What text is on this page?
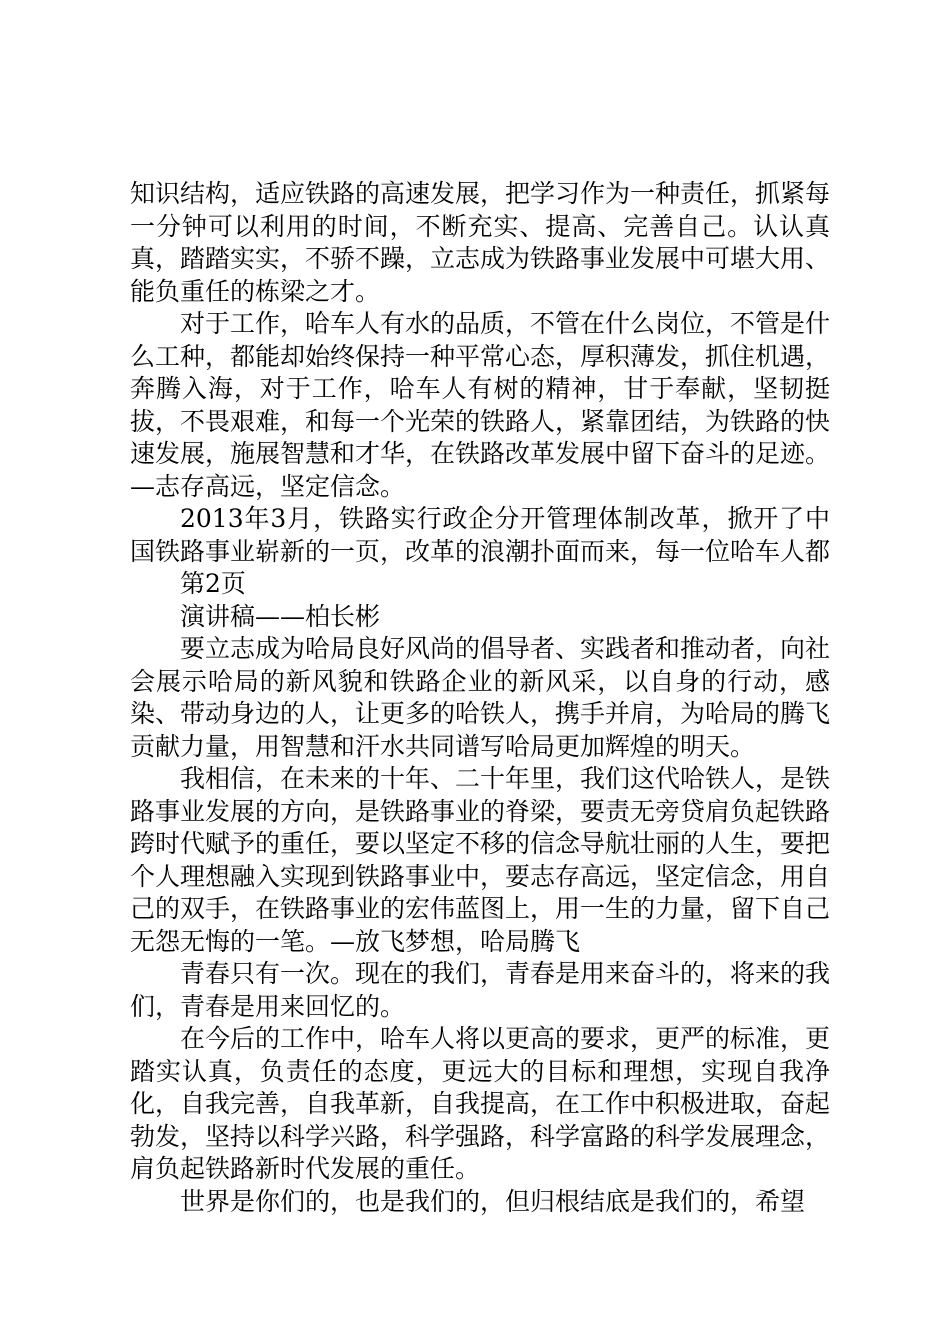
知识结构，适应铁路的高速发展，把学习作为一种责任，抓紧每一分钟可以利用的时间，不断充实、提高、完善自己。认认真真，踏踏实实，不骄不躁，立志成为铁路事业发展中可堪大用、能负重任的栋梁之才。

对于工作，哈车人有水的品质，不管在什么岗位，不管是什么工种，都能却始终保持一种平常心态，厚积薄发，抓住机遇，奔腾入海，对于工作，哈车人有树的精神，甘于奉献，坚韧挺拔，不畏艰难，和每一个光荣的铁路人，紧靠团结，为铁路的快速发展，施展智慧和才华，在铁路改革发展中留下奋斗的足迹。—志存高远，坚定信念。

2013年3月，铁路实行政企分开管理体制改革，掀开了中国铁路事业崭新的一页，改革的浪潮扑面而来，每一位哈车人都

第2页

演讲稿——柏长彬

要立志成为哈局良好风尚的倡导者、实践者和推动者，向社会展示哈局的新风貌和铁路企业的新风采，以自身的行动，感染、带动身边的人，让更多的哈铁人，携手并肩，为哈局的腾飞贡献力量，用智慧和汗水共同谱写哈局更加辉煌的明天。

我相信，在未来的十年、二十年里，我们这代哈铁人，是铁路事业发展的方向，是铁路事业的脊梁，要责无旁贷肩负起铁路跨时代赋予的重任，要以坚定不移的信念导航壮丽的人生，要把个人理想融入实现到铁路事业中，要志存高远，坚定信念，用自己的双手，在铁路事业的宏伟蓝图上，用一生的力量，留下自己无怨无悔的一笔。—放飞梦想，哈局腾飞

青春只有一次。现在的我们，青春是用来奋斗的，将来的我们，青春是用来回忆的。

在今后的工作中，哈车人将以更高的要求，更严的标准，更踏实认真，负责任的态度，更远大的目标和理想，实现自我净化，自我完善，自我革新，自我提高，在工作中积极进取，奋起勃发，坚持以科学兴路，科学强路，科学富路的科学发展理念，肩负起铁路新时代发展的重任。

世界是你们的，也是我们的，但归根结底是我们的，希望
